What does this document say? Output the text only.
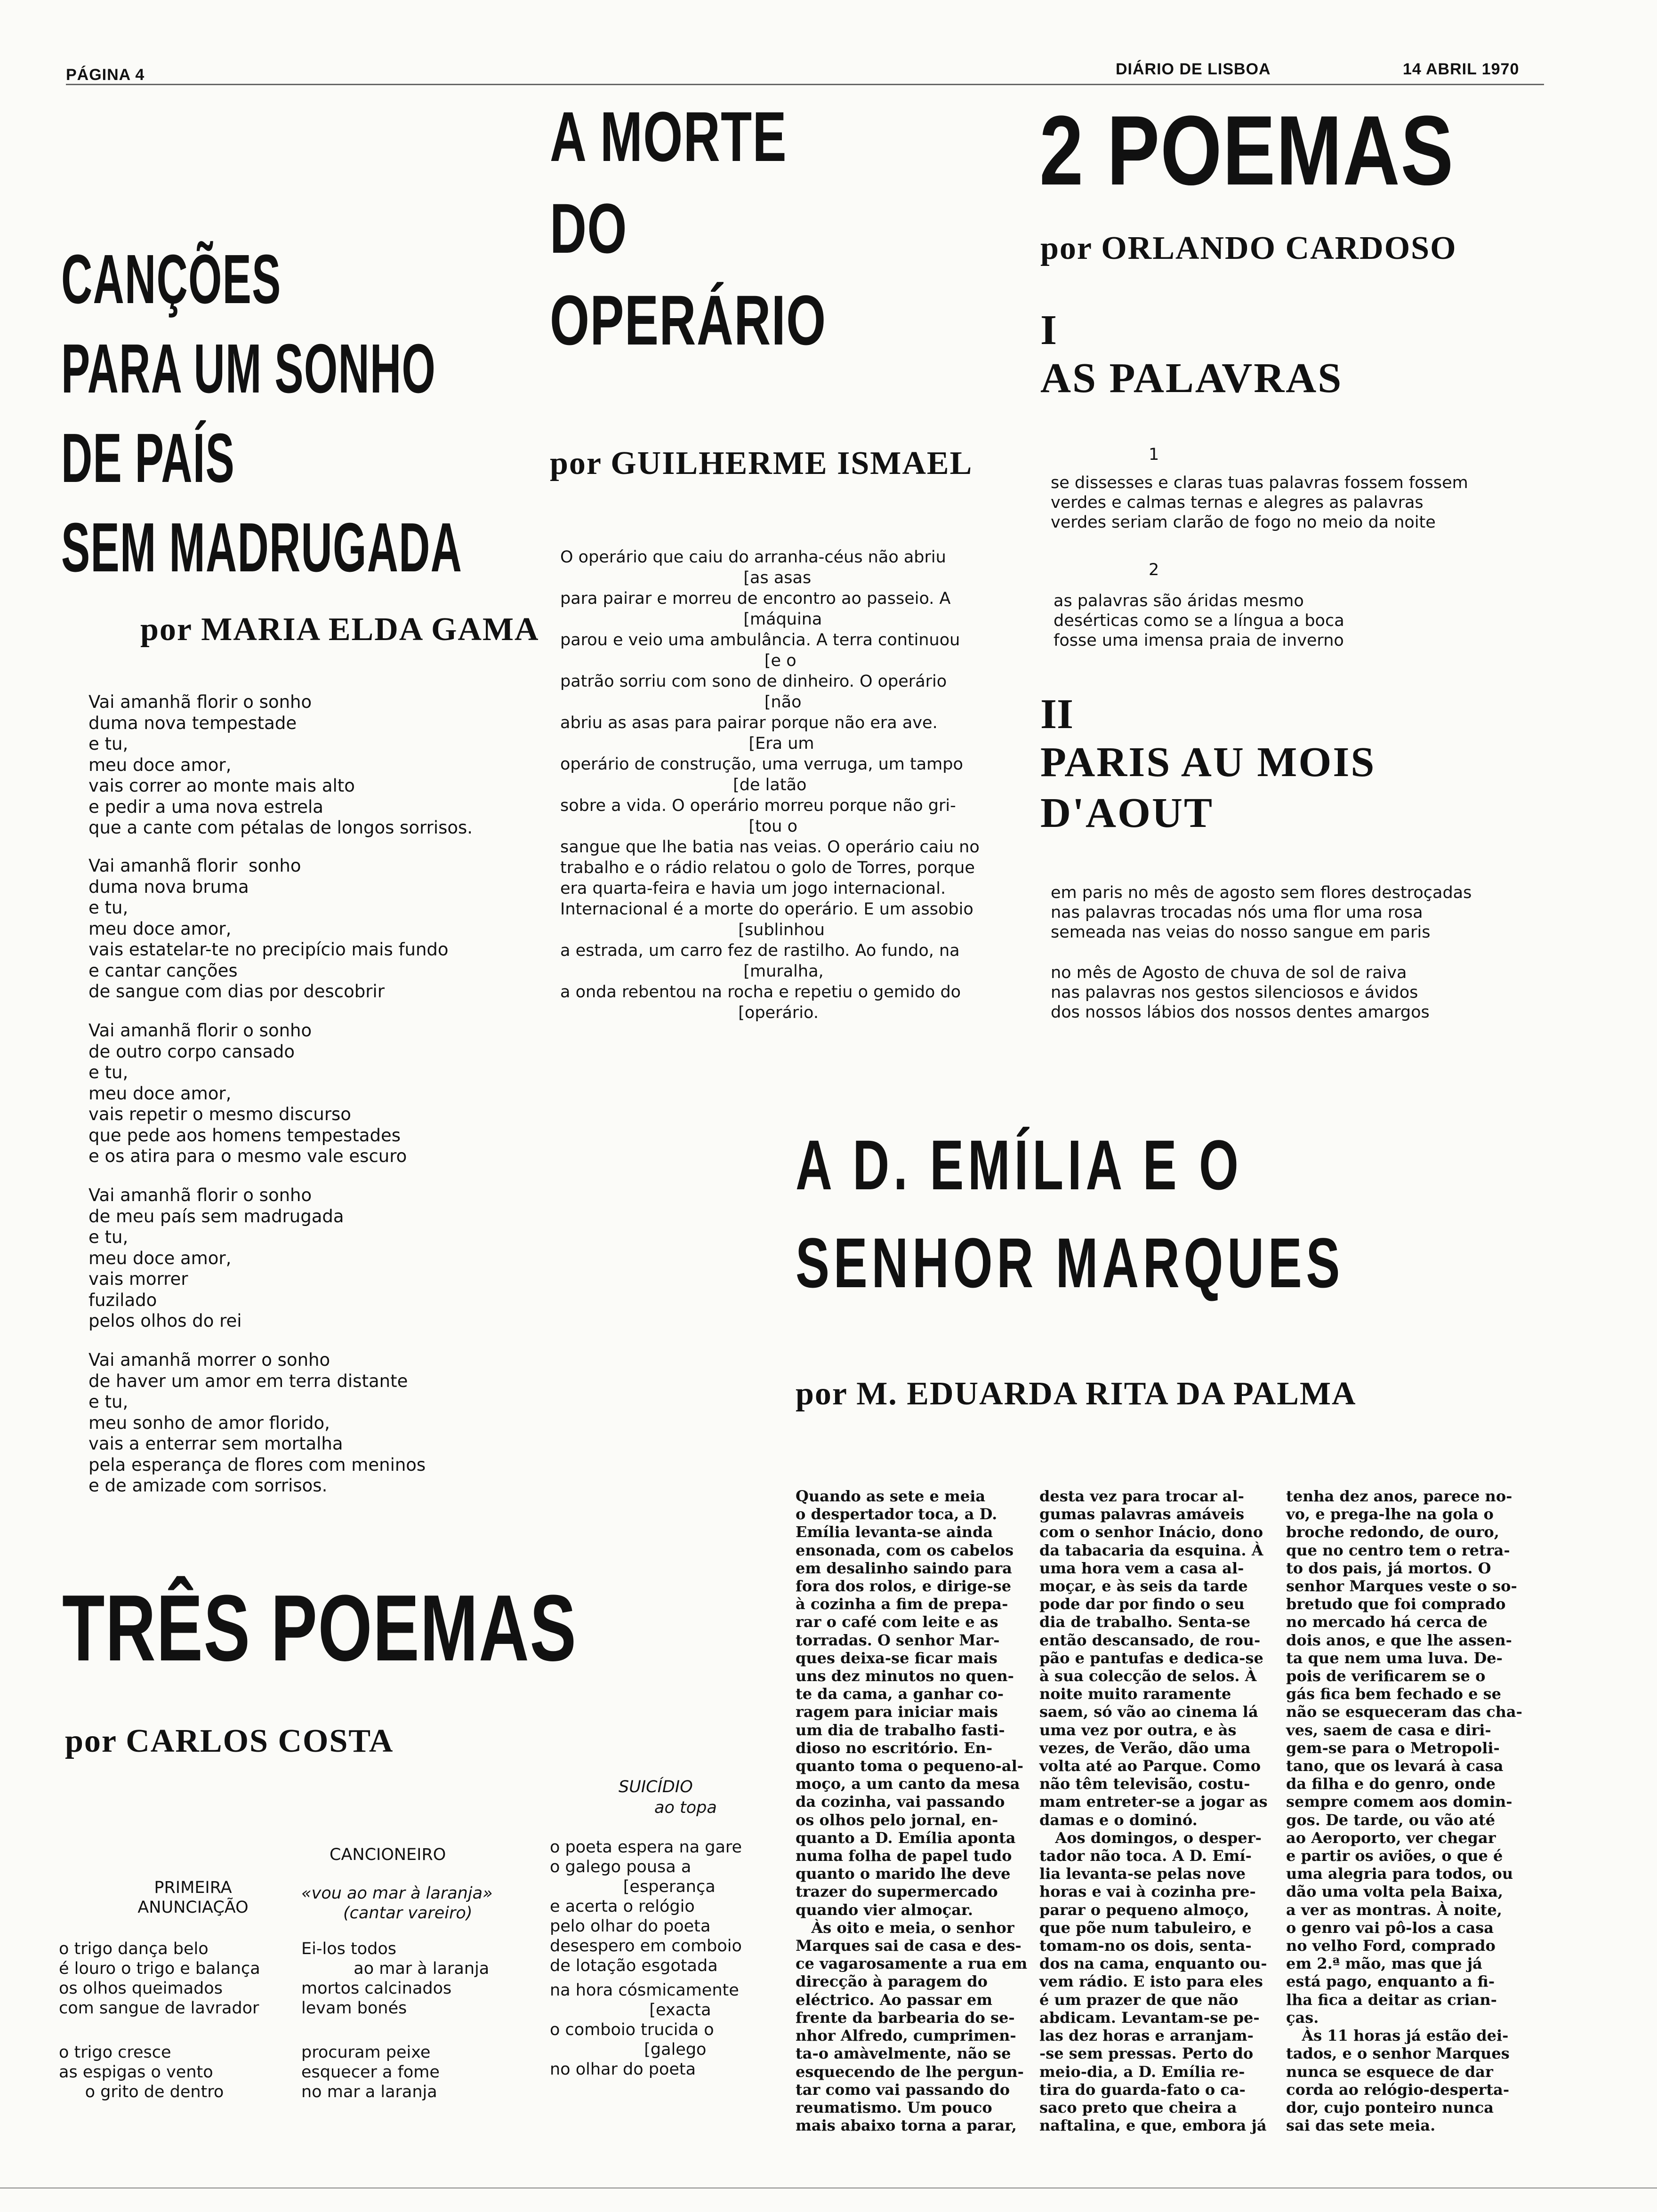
PÁGINA 4	DIÁRIO DE LISBOA	14 ABRIL 1970
CANÇÕES
PARA UM SONHO
DE PAÍS
SEM MADRUGADA
por MARIA ELDA GAMA
Vai amanhã florir o sonho
duma nova tempestade
e tu,
meu doce amor,
vais correr ao monte mais alto
e pedir a uma nova estrela
que a cante com pétalas de longos sorrisos.
Vai amanhã florir  sonho
duma nova bruma
e tu,
meu doce amor,
vais estatelar-te no precipício mais fundo
e cantar canções
de sangue com dias por descobrir
Vai amanhã florir o sonho
de outro corpo cansado
e tu,
meu doce amor,
vais repetir o mesmo discurso
que pede aos homens tempestades
e os atira para o mesmo vale escuro
Vai amanhã florir o sonho
de meu país sem madrugada
e tu,
meu doce amor,
vais morrer
fuzilado
pelos olhos do rei
Vai amanhã morrer o sonho
de haver um amor em terra distante
e tu,
meu sonho de amor florido,
vais a enterrar sem mortalha
pela esperança de flores com meninos
e de amizade com sorrisos.
A MORTE
DO
OPERÁRIO
por GUILHERME ISMAEL
O operário que caiu do arranha-céus não abriu
[as asas
para pairar e morreu de encontro ao passeio. A
[máquina
parou e veio uma ambulância. A terra continuou
[e o
patrão sorriu com sono de dinheiro. O operário
[não
abriu as asas para pairar porque não era ave.
[Era um
operário de construção, uma verruga, um tampo
[de latão
sobre a vida. O operário morreu porque não gri-
[tou o
sangue que lhe batia nas veias. O operário caiu no
trabalho e o rádio relatou o golo de Torres, porque
era quarta-feira e havia um jogo internacional.
Internacional é a morte do operário. E um assobio
[sublinhou
a estrada, um carro fez de rastilho. Ao fundo, na
[muralha,
a onda rebentou na rocha e repetiu o gemido do
[operário.
2 POEMAS
por ORLANDO CARDOSO
I
AS PALAVRAS
1
se dissesses e claras tuas palavras fossem fossem
verdes e calmas ternas e alegres as palavras
verdes seriam clarão de fogo no meio da noite
2
as palavras são áridas mesmo
desérticas como se a língua a boca
fosse uma imensa praia de inverno
II
PARIS AU MOIS
D'AOUT
em paris no mês de agosto sem flores destroçadas
nas palavras trocadas nós uma flor uma rosa
semeada nas veias do nosso sangue em paris
no mês de Agosto de chuva de sol de raiva
nas palavras nos gestos silenciosos e ávidos
dos nossos lábios dos nossos dentes amargos
A D. EMÍLIA E O
SENHOR MARQUES
por M. EDUARDA RITA DA PALMA
Quando as sete e meia
o despertador toca, a D.
Emília levanta-se ainda
ensonada, com os cabelos
em desalinho saindo para
fora dos rolos, e dirige-se
à cozinha a fim de prepa-
rar o café com leite e as
torradas. O senhor Mar-
ques deixa-se ficar mais
uns dez minutos no quen-
te da cama, a ganhar co-
ragem para iniciar mais
um dia de trabalho fasti-
dioso no escritório. En-
quanto toma o pequeno-al-
moço, a um canto da mesa
da cozinha, vai passando
os olhos pelo jornal, en-
quanto a D. Emília aponta
numa folha de papel tudo
quanto o marido lhe deve
trazer do supermercado
quando vier almoçar.
Às oito e meia, o senhor
Marques sai de casa e des-
ce vagarosamente a rua em
direcção à paragem do
eléctrico. Ao passar em
frente da barbearia do se-
nhor Alfredo, cumprimen-
ta-o amàvelmente, não se
esquecendo de lhe pergun-
tar como vai passando do
reumatismo. Um pouco
mais abaixo torna a parar,
desta vez para trocar al-
gumas palavras amáveis
com o senhor Inácio, dono
da tabacaria da esquina. À
uma hora vem a casa al-
moçar, e às seis da tarde
pode dar por findo o seu
dia de trabalho. Senta-se
então descansado, de rou-
pão e pantufas e dedica-se
à sua colecção de selos. À
noite muito raramente
saem, só vão ao cinema lá
uma vez por outra, e às
vezes, de Verão, dão uma
volta até ao Parque. Como
não têm televisão, costu-
mam entreter-se a jogar as
damas e o dominó.
Aos domingos, o desper-
tador não toca. A D. Emí-
lia levanta-se pelas nove
horas e vai à cozinha pre-
parar o pequeno almoço,
que põe num tabuleiro, e
tomam-no os dois, senta-
dos na cama, enquanto ou-
vem rádio. E isto para eles
é um prazer de que não
abdicam. Levantam-se pe-
las dez horas e arranjam-
-se sem pressas. Perto do
meio-dia, a D. Emília re-
tira do guarda-fato o ca-
saco preto que cheira a
naftalina, e que, embora já
tenha dez anos, parece no-
vo, e prega-lhe na gola o
broche redondo, de ouro,
que no centro tem o retra-
to dos pais, já mortos. O
senhor Marques veste o so-
bretudo que foi comprado
no mercado há cerca de
dois anos, e que lhe assen-
ta que nem uma luva. De-
pois de verificarem se o
gás fica bem fechado e se
não se esqueceram das cha-
ves, saem de casa e diri-
gem-se para o Metropoli-
tano, que os levará à casa
da filha e do genro, onde
sempre comem aos domin-
gos. De tarde, ou vão até
ao Aeroporto, ver chegar
e partir os aviões, o que é
uma alegria para todos, ou
dão uma volta pela Baixa,
a ver as montras. À noite,
o genro vai pô-los a casa
no velho Ford, comprado
em 2.ª mão, mas que já
está pago, enquanto a fi-
lha fica a deitar as crian-
ças.
Às 11 horas já estão dei-
tados, e o senhor Marques
nunca se esquece de dar
corda ao relógio-desperta-
dor, cujo ponteiro nunca
sai das sete meia.
TRÊS POEMAS
por CARLOS COSTA
PRIMEIRA
ANUNCIAÇÃO
o trigo dança belo
é louro o trigo e balança
os olhos queimados
com sangue de lavrador
o trigo cresce
as espigas o vento
o grito de dentro
CANCIONEIRO
«vou ao mar à laranja»
(cantar vareiro)
Ei-los todos
ao mar à laranja
mortos calcinados
levam bonés
procuram peixe
esquecer a fome
no mar a laranja
SUICÍDIO
ao topa
o poeta espera na gare
o galego pousa a
[esperança
e acerta o relógio
pelo olhar do poeta
desespero em comboio
de lotação esgotada
na hora cósmicamente
[exacta
o comboio trucida o
[galego
no olhar do poeta
